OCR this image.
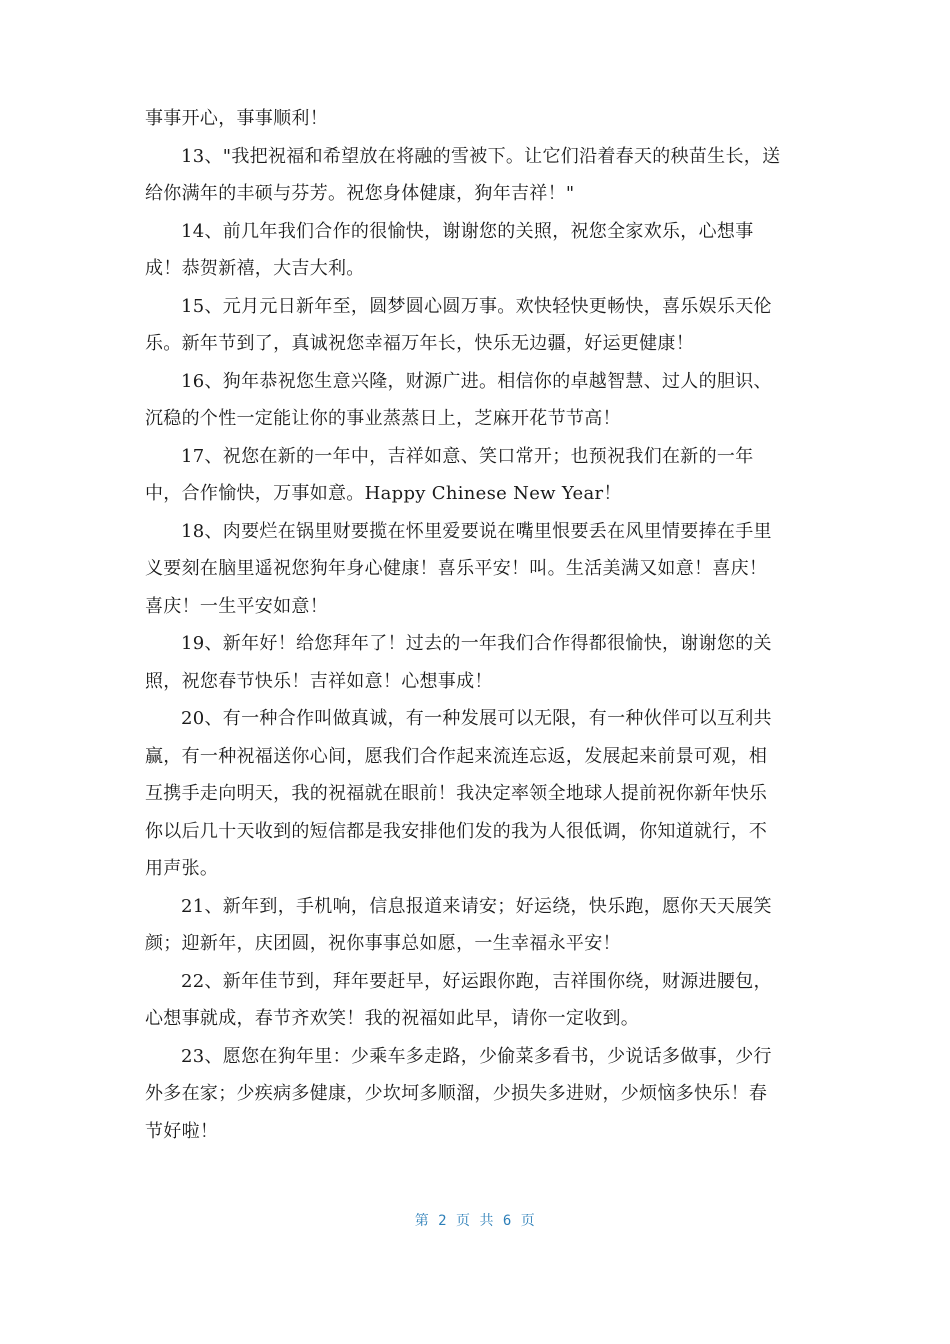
事事开心，事事顺利！
13、"我把祝福和希望放在将融的雪被下。让它们沿着春天的秧苗生长，送
给你满年的丰硕与芬芳。祝您身体健康，狗年吉祥！"
14、前几年我们合作的很愉快，谢谢您的关照，祝您全家欢乐，心想事
成！恭贺新禧，大吉大利。
15、元月元日新年至，圆梦圆心圆万事。欢快轻快更畅快，喜乐娱乐天伦
乐。新年节到了，真诚祝您幸福万年长，快乐无边疆，好运更健康！
16、狗年恭祝您生意兴隆，财源广进。相信你的卓越智慧、过人的胆识、
沉稳的个性一定能让你的事业蒸蒸日上，芝麻开花节节高！
17、祝您在新的一年中，吉祥如意、笑口常开；也预祝我们在新的一年
中，合作愉快，万事如意。Happy Chinese New Year！
18、肉要烂在锅里财要揽在怀里爱要说在嘴里恨要丢在风里情要捧在手里
义要刻在脑里遥祝您狗年身心健康！喜乐平安！叫。生活美满又如意！喜庆！
喜庆！一生平安如意！
19、新年好！给您拜年了！过去的一年我们合作得都很愉快，谢谢您的关
照，祝您春节快乐！吉祥如意！心想事成！
20、有一种合作叫做真诚，有一种发展可以无限，有一种伙伴可以互利共
赢，有一种祝福送你心间，愿我们合作起来流连忘返，发展起来前景可观，相
互携手走向明天，我的祝福就在眼前！我决定率领全地球人提前祝你新年快乐
你以后几十天收到的短信都是我安排他们发的我为人很低调，你知道就行，不
用声张。
21、新年到，手机响，信息报道来请安；好运绕，快乐跑，愿你天天展笑
颜；迎新年，庆团圆，祝你事事总如愿，一生幸福永平安！
22、新年佳节到，拜年要赶早，好运跟你跑，吉祥围你绕，财源进腰包，
心想事就成，春节齐欢笑！我的祝福如此早，请你一定收到。
23、愿您在狗年里：少乘车多走路，少偷菜多看书，少说话多做事，少行
外多在家；少疾病多健康，少坎坷多顺溜，少损失多进财，少烦恼多快乐！春
节好啦！
第 2 页 共 6 页
